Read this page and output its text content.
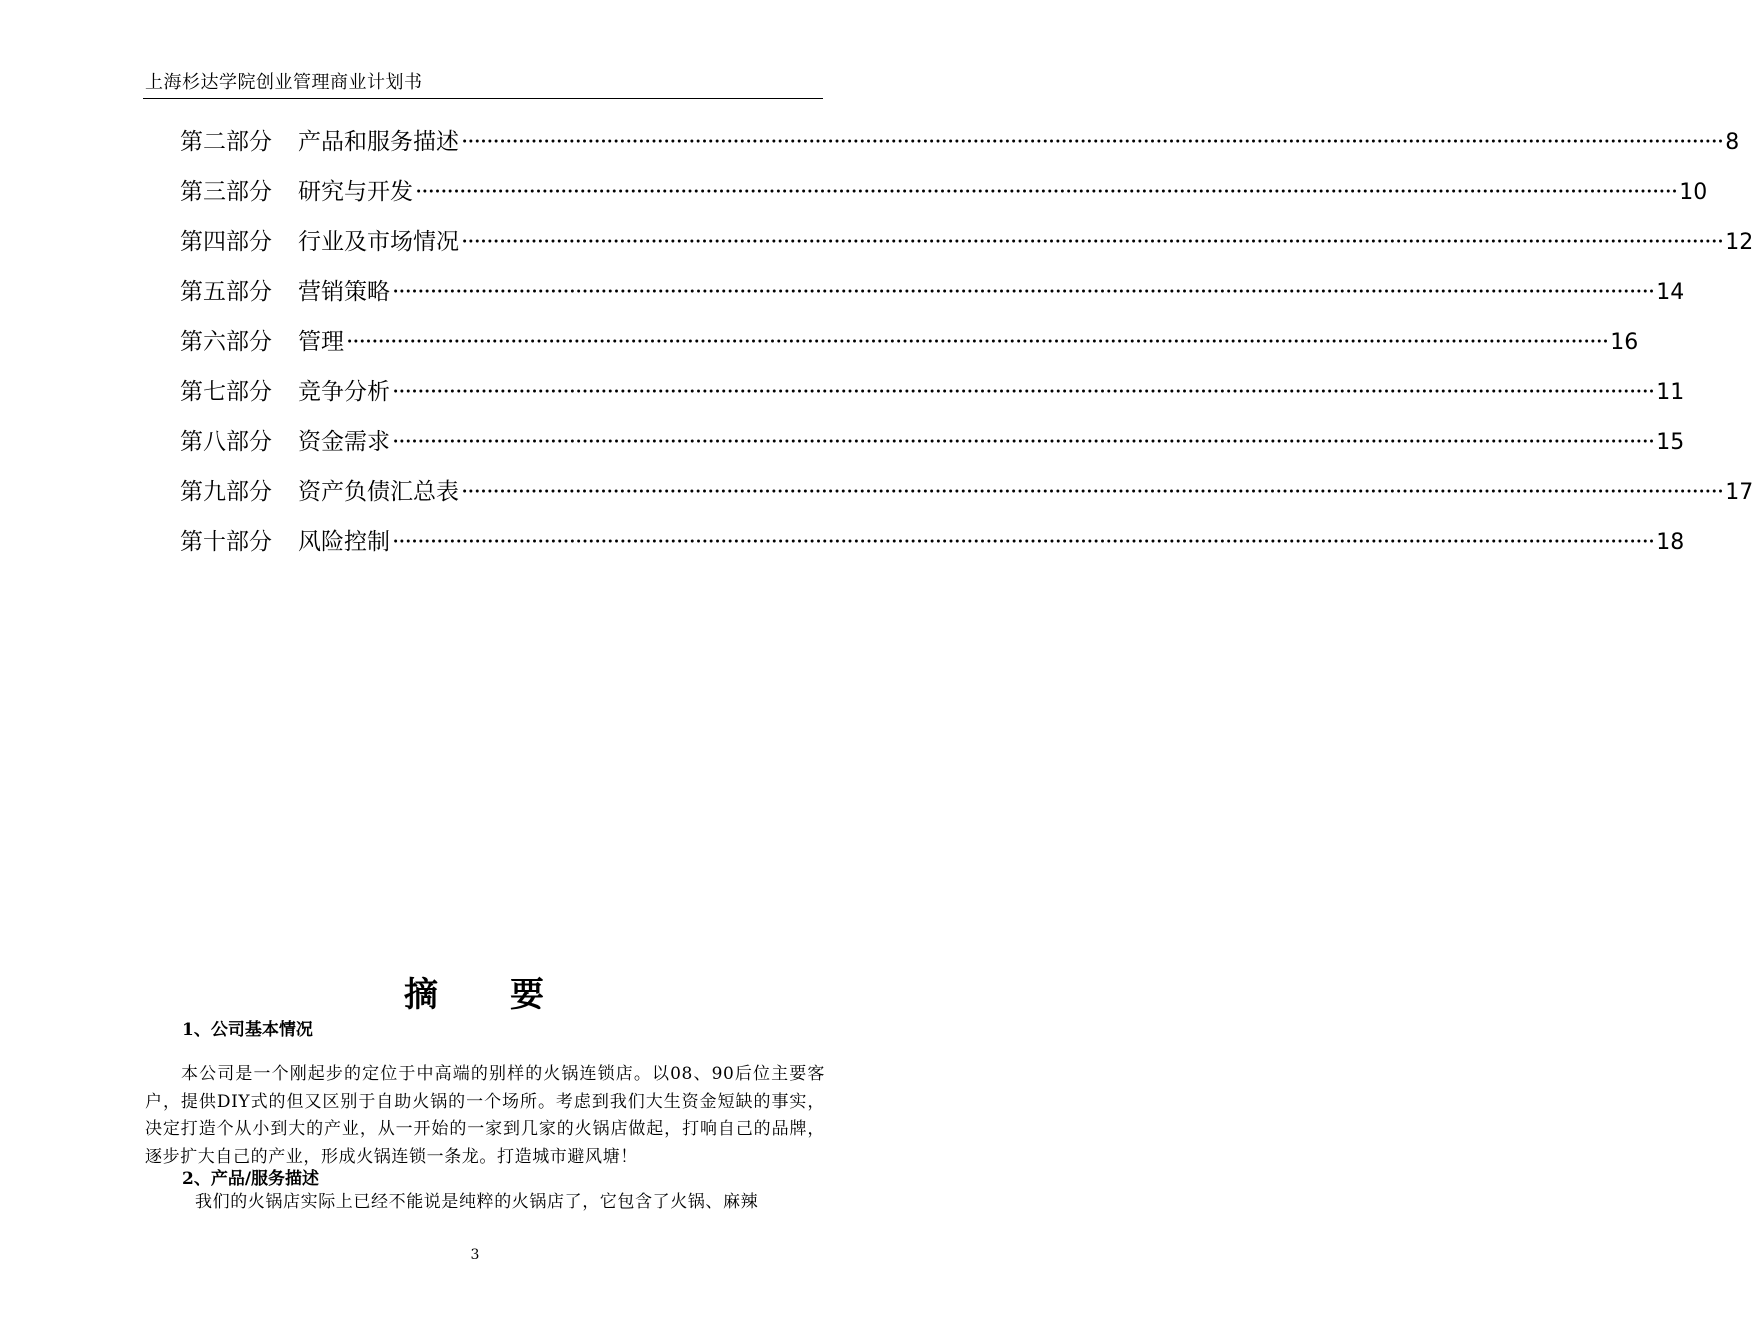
上海杉达学院创业管理商业计划书
第二部分 产品和服务描述 ········································································································································································································ 8
第三部分 研究与开发 ········································································································································································································ 10
第四部分 行业及市场情况 ········································································································································································································ 12
第五部分 营销策略 ········································································································································································································ 14
第六部分 管理 ········································································································································································································ 16
第七部分 竞争分析 ········································································································································································································ 11
第八部分 资金需求 ········································································································································································································ 15
第九部分 资产负债汇总表 ········································································································································································································ 17
第十部分 风险控制 ········································································································································································································ 18
摘 要
1、公司基本情况
本公司是一个刚起步的定位于中高端的别样的火锅连锁店。以08、90后位主要客户，提供DIY式的但又区别于自助火锅的一个场所。考虑到我们大生资金短缺的事实，决定打造个从小到大的产业，从一开始的一家到几家的火锅店做起，打响自己的品牌，逐步扩大自己的产业，形成火锅连锁一条龙。打造城市避风塘！
2、产品/服务描述
我们的火锅店实际上已经不能说是纯粹的火锅店了，它包含了火锅、麻辣
3
